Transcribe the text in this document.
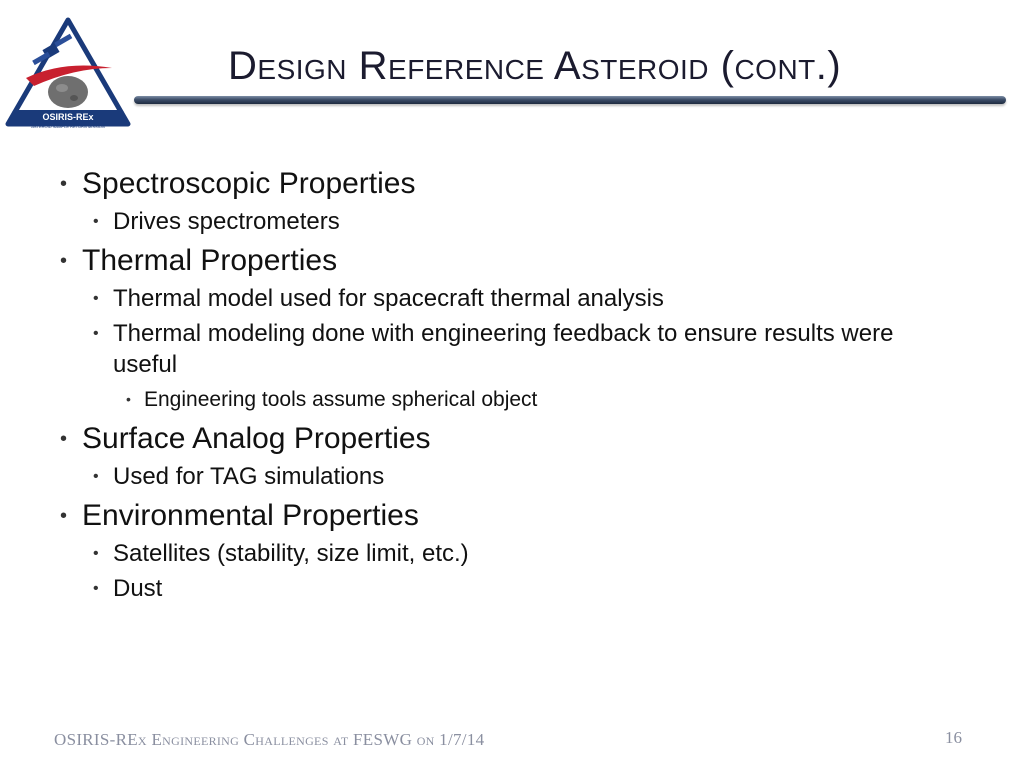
OSIRIS-REx
ASTEROID SAMPLE RETURN MISSION
Design Reference Asteroid (cont.)
• Spectroscopic Properties
• Drives spectrometers
• Thermal Properties
• Thermal model used for spacecraft thermal analysis
• Thermal modeling done with engineering feedback to ensure results were useful
• Engineering tools assume spherical object
• Surface Analog Properties
• Used for TAG simulations
• Environmental Properties
• Satellites (stability, size limit, etc.)
• Dust
OSIRIS-REx Engineering Challenges at FESWG on 1/7/14	16
